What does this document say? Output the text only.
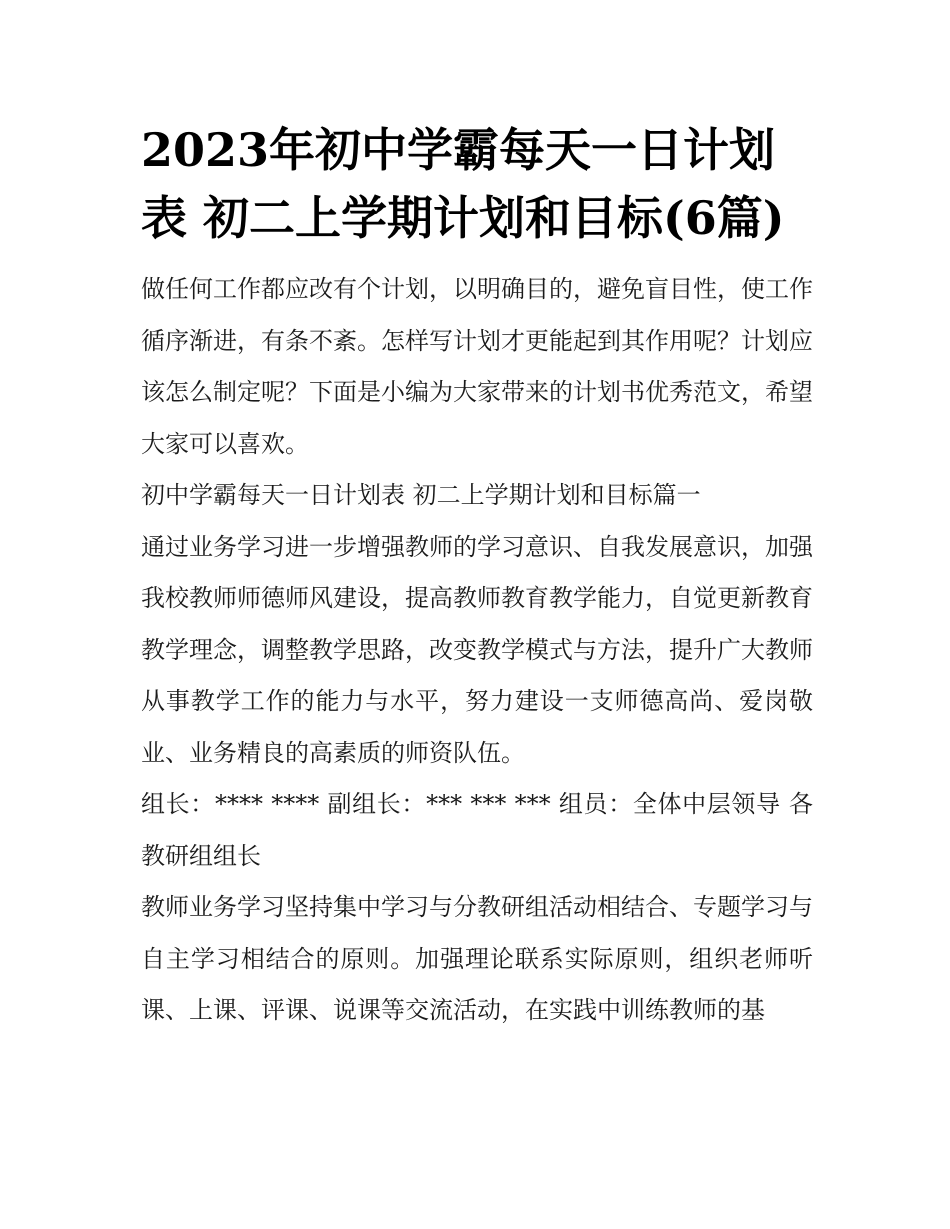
2023年初中学霸每天一日计划表 初二上学期计划和目标(6篇)

做任何工作都应改有个计划，以明确目的，避免盲目性，使工作循序渐进，有条不紊。怎样写计划才更能起到其作用呢？计划应该怎么制定呢？下面是小编为大家带来的计划书优秀范文，希望大家可以喜欢。

初中学霸每天一日计划表 初二上学期计划和目标篇一

通过业务学习进一步增强教师的学习意识、自我发展意识，加强我校教师师德师风建设，提高教师教育教学能力，自觉更新教育教学理念，调整教学思路，改变教学模式与方法，提升广大教师从事教学工作的能力与水平，努力建设一支师德高尚、爱岗敬业、业务精良的高素质的师资队伍。

组长：**** **** 副组长：*** *** *** 组员：全体中层领导 各教研组组长

教师业务学习坚持集中学习与分教研组活动相结合、专题学习与自主学习相结合的原则。加强理论联系实际原则，组织老师听课、上课、评课、说课等交流活动，在实践中训练教师的基
